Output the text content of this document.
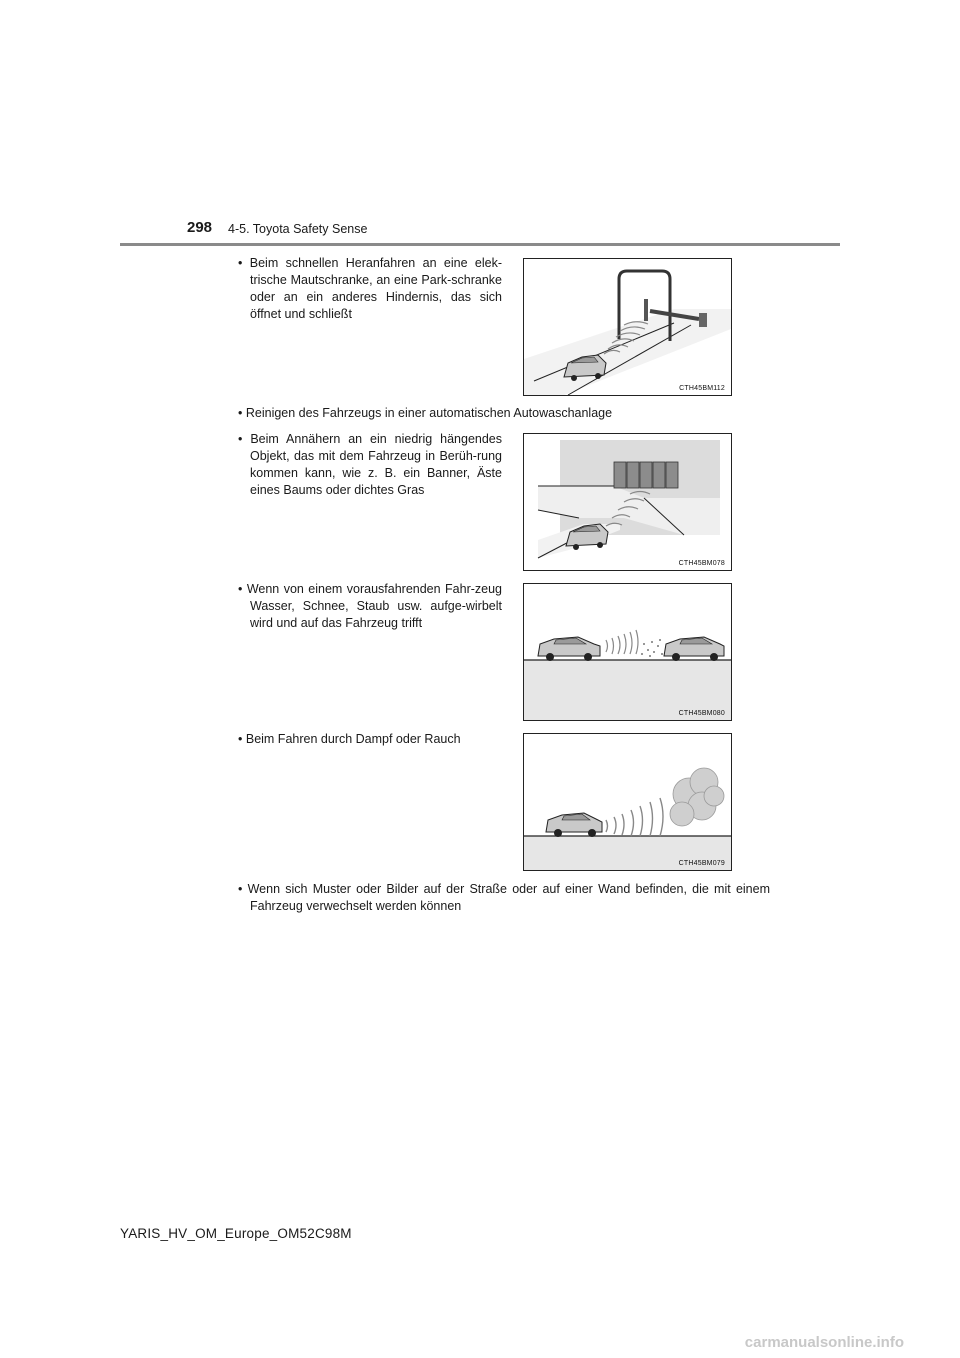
298 4-5. Toyota Safety Sense
• Beim schnellen Heranfahren an eine elek-trische Mautschranke, an eine Park-schranke oder an ein anderes Hindernis, das sich öffnet und schließt
CTH45BM112
• Reinigen des Fahrzeugs in einer automatischen Autowaschanlage
• Beim Annähern an ein niedrig hängendes Objekt, das mit dem Fahrzeug in Berüh-rung kommen kann, wie z. B. ein Banner, Äste eines Baums oder dichtes Gras
CTH45BM078
• Wenn von einem vorausfahrenden Fahr-zeug Wasser, Schnee, Staub usw. aufge-wirbelt wird und auf das Fahrzeug trifft
CTH45BM080
• Beim Fahren durch Dampf oder Rauch
CTH45BM079
• Wenn sich Muster oder Bilder auf der Straße oder auf einer Wand befinden, die mit einem Fahrzeug verwechselt werden können
YARIS_HV_OM_Europe_OM52C98M
carmanualsonline.info
